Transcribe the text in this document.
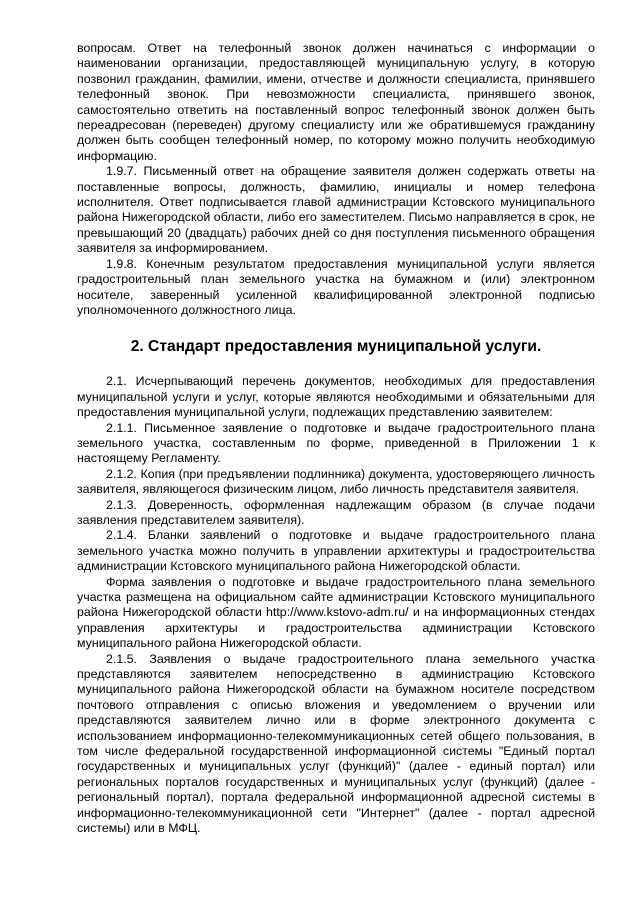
вопросам. Ответ на телефонный звонок должен начинаться с информации о наименовании организации, предоставляющей муниципальную услугу, в которую позвонил гражданин, фамилии, имени, отчестве и должности специалиста, принявшего телефонный звонок. При невозможности специалиста, принявшего звонок, самостоятельно ответить на поставленный вопрос телефонный звонок должен быть переадресован (переведен) другому специалисту или же обратившемуся гражданину должен быть сообщен телефонный номер, по которому можно получить необходимую информацию.

1.9.7. Письменный ответ на обращение заявителя должен содержать ответы на поставленные вопросы, должность, фамилию, инициалы и номер телефона исполнителя. Ответ подписывается главой администрации Кстовского муниципального района Нижегородской области, либо его заместителем. Письмо направляется в срок, не превышающий 20 (двадцать) рабочих дней со дня поступления письменного обращения заявителя за информированием.

1.9.8. Конечным результатом предоставления муниципальной услуги является градостроительный план земельного участка на бумажном и (или) электронном носителе, заверенный усиленной квалифицированной электронной подписью уполномоченного должностного лица.

2. Стандарт предоставления муниципальной услуги.

2.1. Исчерпывающий перечень документов, необходимых для предоставления муниципальной услуги и услуг, которые являются необходимыми и обязательными для предоставления муниципальной услуги, подлежащих представлению заявителем:

2.1.1. Письменное заявление о подготовке и выдаче градостроительного плана земельного участка, составленным по форме, приведенной в Приложении 1 к настоящему Регламенту.

2.1.2. Копия (при предъявлении подлинника) документа, удостоверяющего личность заявителя, являющегося физическим лицом, либо личность представителя заявителя.

2.1.3. Доверенность, оформленная надлежащим образом (в случае подачи заявления представителем заявителя).

2.1.4. Бланки заявлений о подготовке и выдаче градостроительного плана земельного участка можно получить в управлении архитектуры и градостроительства администрации Кстовского муниципального района Нижегородской области.

Форма заявления о подготовке и выдаче градостроительного плана земельного участка размещена на официальном сайте администрации Кстовского муниципального района Нижегородской области http://www.kstovo-adm.ru/ и на информационных стендах управления архитектуры и градостроительства администрации Кстовского муниципального района Нижегородской области.

2.1.5. Заявления о выдаче градостроительного плана земельного участка представляются заявителем непосредственно в администрацию Кстовского муниципального района Нижегородской области на бумажном носителе посредством почтового отправления с описью вложения и уведомлением о вручении или представляются заявителем лично или в форме электронного документа с использованием информационно-телекоммуникационных сетей общего пользования, в том числе федеральной государственной информационной системы "Единый портал государственных и муниципальных услуг (функций)" (далее - единый портал) или региональных порталов государственных и муниципальных услуг (функций) (далее - региональный портал), портала федеральной информационной адресной системы в информационно-телекоммуникационной сети "Интернет" (далее - портал адресной системы) или в МФЦ.
